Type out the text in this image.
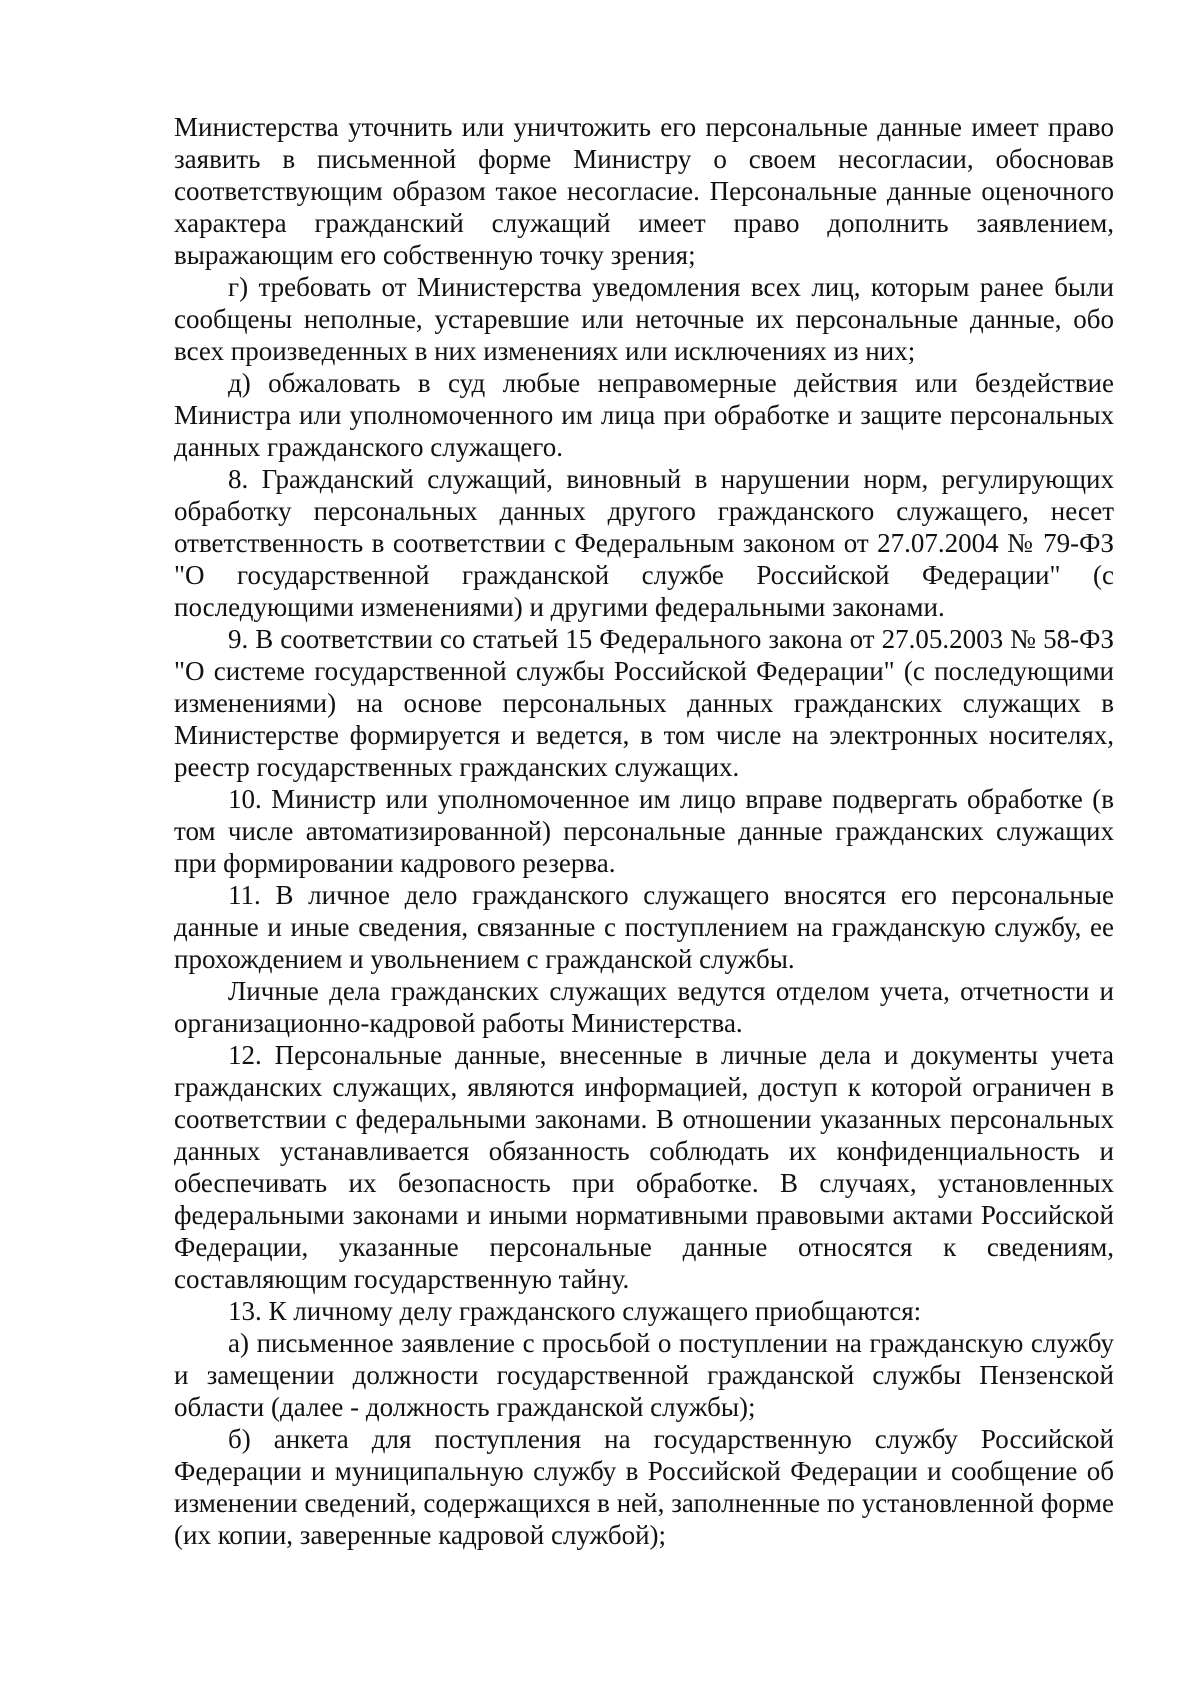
Министерства уточнить или уничтожить его персональные данные имеет право заявить в письменной форме Министру о своем несогласии, обосновав соответствующим образом такое несогласие. Персональные данные оценочного характера гражданский служащий имеет право дополнить заявлением, выражающим его собственную точку зрения;

г) требовать от Министерства уведомления всех лиц, которым ранее были сообщены неполные, устаревшие или неточные их персональные данные, обо всех произведенных в них изменениях или исключениях из них;

д) обжаловать в суд любые неправомерные действия или бездействие Министра или уполномоченного им лица при обработке и защите персональных данных гражданского служащего.

8. Гражданский служащий, виновный в нарушении норм, регулирующих обработку персональных данных другого гражданского служащего, несет ответственность в соответствии с Федеральным законом от 27.07.2004 № 79-ФЗ "О государственной гражданской службе Российской Федерации" (с последующими изменениями) и другими федеральными законами.

9. В соответствии со статьей 15 Федерального закона от 27.05.2003 № 58-ФЗ "О системе государственной службы Российской Федерации" (с последующими изменениями) на основе персональных данных гражданских служащих в Министерстве формируется и ведется, в том числе на электронных носителях, реестр государственных гражданских служащих.

10. Министр или уполномоченное им лицо вправе подвергать обработке (в том числе автоматизированной) персональные данные гражданских служащих при формировании кадрового резерва.

11. В личное дело гражданского служащего вносятся его персональные данные и иные сведения, связанные с поступлением на гражданскую службу, ее прохождением и увольнением с гражданской службы.

Личные дела гражданских служащих ведутся отделом учета, отчетности и организационно-кадровой работы Министерства.

12. Персональные данные, внесенные в личные дела и документы учета гражданских служащих, являются информацией, доступ к которой ограничен в соответствии с федеральными законами. В отношении указанных персональных данных устанавливается обязанность соблюдать их конфиденциальность и обеспечивать их безопасность при обработке. В случаях, установленных федеральными законами и иными нормативными правовыми актами Российской Федерации, указанные персональные данные относятся к сведениям, составляющим государственную тайну.

13. К личному делу гражданского служащего приобщаются:

а) письменное заявление с просьбой о поступлении на гражданскую службу и замещении должности государственной гражданской службы Пензенской области (далее - должность гражданской службы);

б) анкета для поступления на государственную службу Российской Федерации и муниципальную службу в Российской Федерации и сообщение об изменении сведений, содержащихся в ней, заполненные по установленной форме (их копии, заверенные кадровой службой);
